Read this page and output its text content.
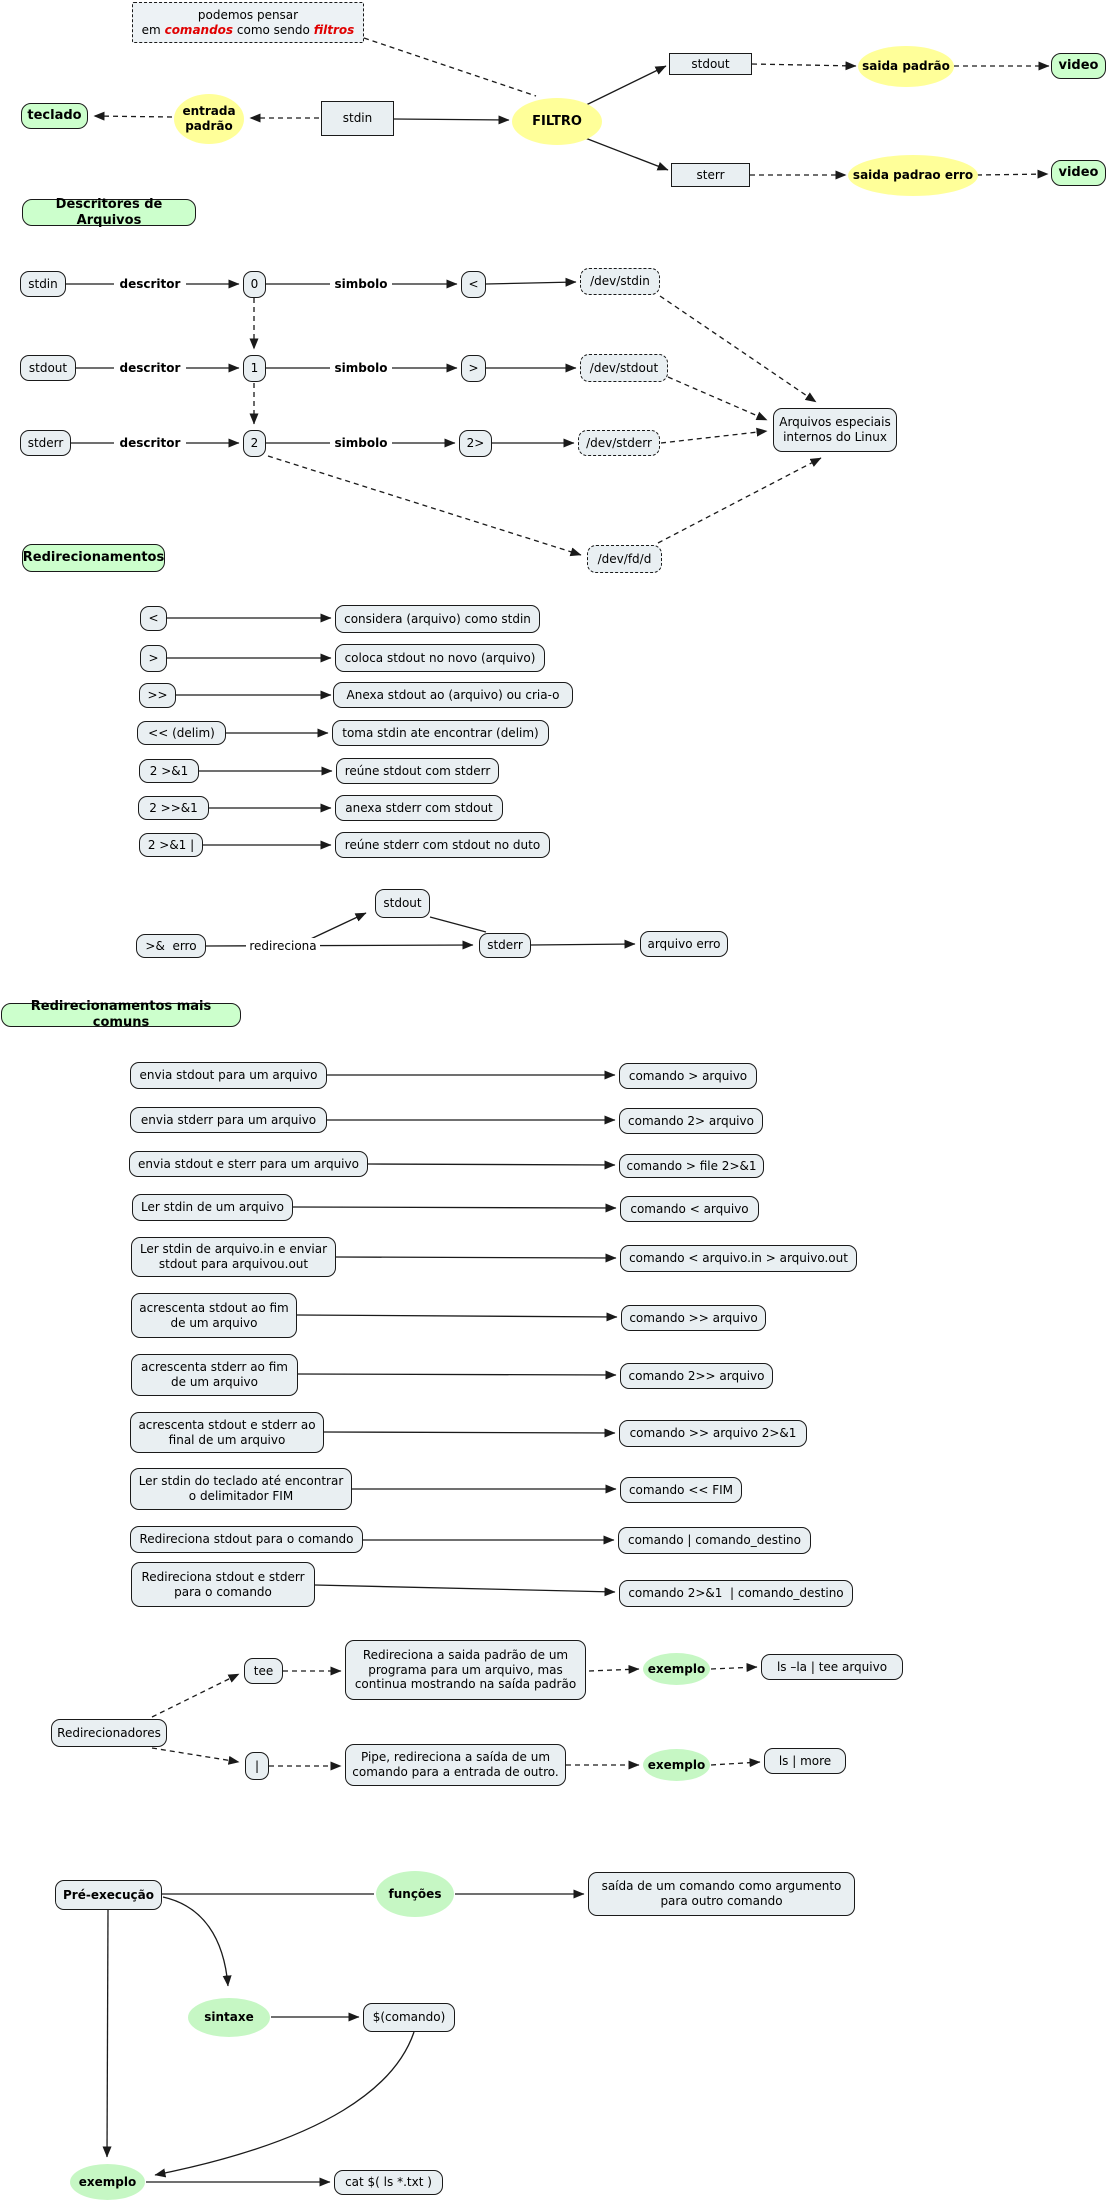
podemos pensar
em comandos como sendo filtros
teclado	entrada padrão
stdin	FILTRO
stdout	saida padrão	video
sterr	saida padrao erro	video
Descritores de Arquivos
stdin	descritor	0	simbolo	<	/dev/stdin
stdout	descritor	1	simbolo	>	/dev/stdout
stderr	descritor	2	simbolo	2>	/dev/stderr
Arquivos especiais internos do Linux
/dev/fd/d
Redirecionamentos
<	considera (arquivo) como stdin
>	coloca stdout no novo (arquivo)
>>	Anexa stdout ao (arquivo) ou cria-o
<< (delim)	toma stdin ate encontrar (delim)
2 >&1	reúne stdout com stderr
2 >>&1	anexa stderr com stdout
2 >&1 |	reúne stderr com stdout no duto
>&  erro	redireciona
stdout
stderr	arquivo erro
Redirecionamentos mais comuns
envia stdout para um arquivo	comando > arquivo
envia stderr para um arquivo	comando 2> arquivo
envia stdout e sterr para um arquivo	comando > file 2>&1
Ler stdin de um arquivo	comando < arquivo
Ler stdin de arquivo.in e enviar stdout para arquivou.out	comando < arquivo.in > arquivo.out
acrescenta stdout ao fim de um arquivo	comando >> arquivo
acrescenta stderr ao fim de um arquivo	comando 2>> arquivo
acrescenta stdout e stderr ao final de um arquivo	comando >> arquivo 2>&1
Ler stdin do teclado até encontrar o delimitador FIM	comando << FIM
Redireciona stdout para o comando	comando | comando_destino
Redireciona stdout e stderr para o comando	comando 2>&1  | comando_destino
Redirecionadores
tee
Redireciona a saida padrão de um programa para um arquivo, mas continua mostrando na saída padrão
exemplo	ls –la | tee arquivo
|
Pipe, redireciona a saída de um comando para a entrada de outro.
exemplo	ls | more
Pré-execução	funções
saída de um comando como argumento para outro comando
sintaxe	$(comando)
exemplo	cat $( ls *.txt )
